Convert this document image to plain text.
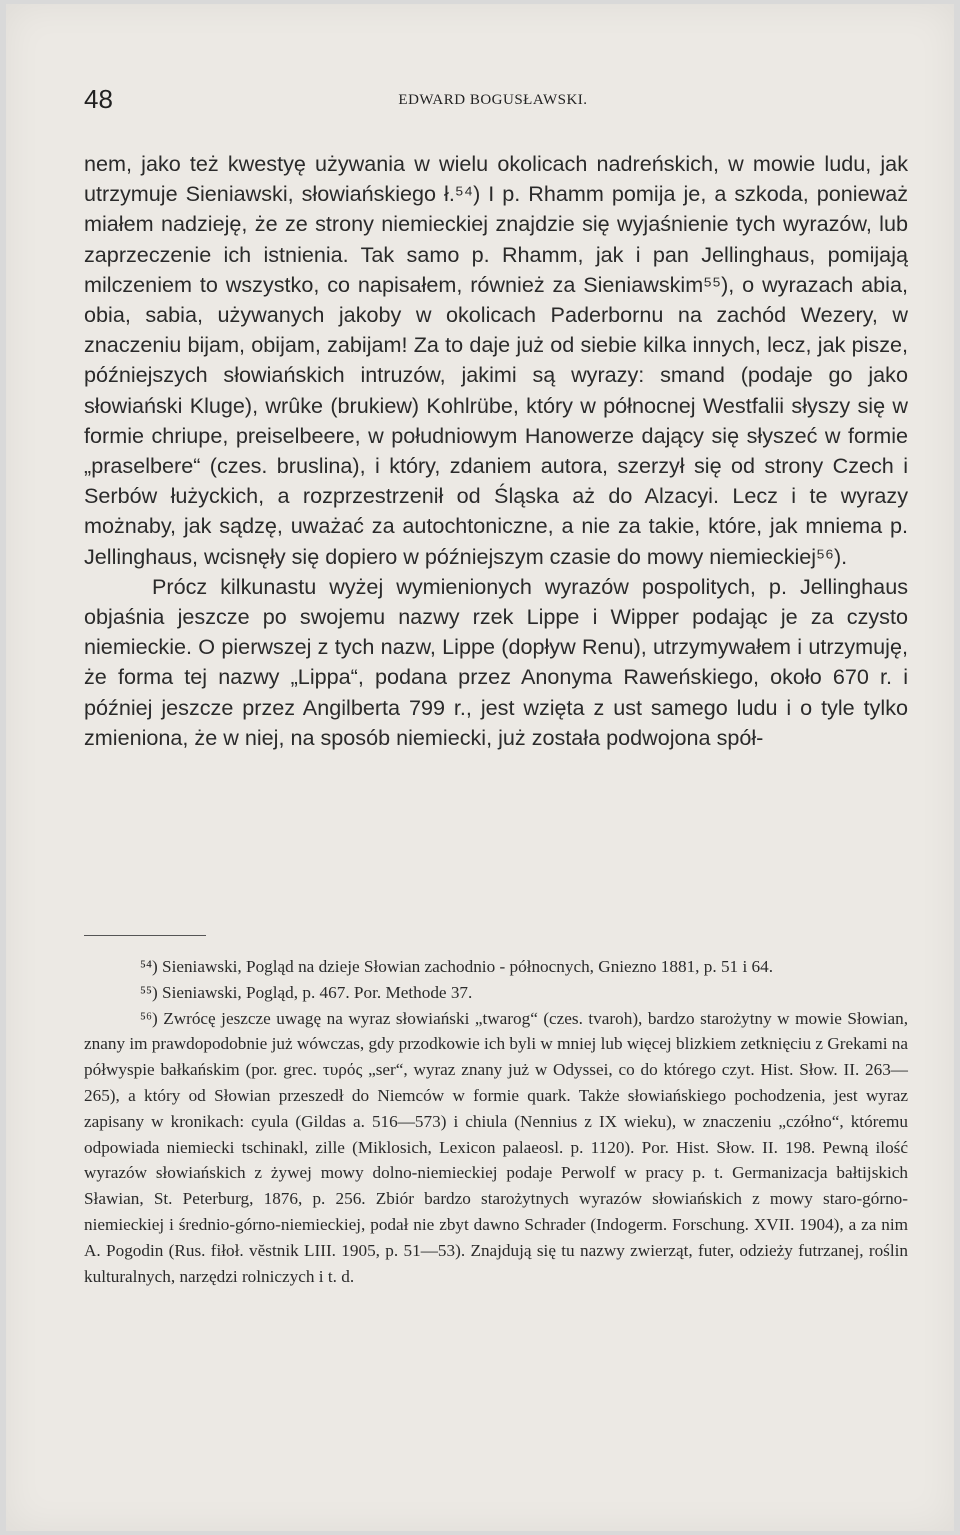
48	EDWARD BOGUSŁAWSKI.

nem, jako też kwestyę używania w wielu okolicach nadreńskich, w mowie ludu, jak utrzymuje Sieniawski, słowiańskiego ł.⁵⁴) I p. Rhamm pomija je, a szkoda, ponieważ miałem nadzieję, że ze strony niemieckiej znajdzie się wyjaśnienie tych wyrazów, lub zaprzeczenie ich istnienia. Tak samo p. Rhamm, jak i pan Jellinghaus, pomijają milczeniem to wszystko, co napisałem, również za Sieniawskim⁵⁵), o wyrazach abia, obia, sabia, używanych jakoby w okolicach Paderbornu na zachód Wezery, w znaczeniu bijam, obijam, zabijam! Za to daje już od siebie kilka innych, lecz, jak pisze, późniejszych słowiańskich intruzów, jakimi są wyrazy: smand (podaje go jako słowiański Kluge), wrûke (brukiew) Kohlrübe, który w północnej Westfalii słyszy się w formie chriupe, preiselbeere, w południowym Hanowerze dający się słyszeć w formie „praselbere“ (czes. bruslina), i który, zdaniem autora, szerzył się od strony Czech i Serbów łużyckich, a rozprzestrzenił od Śląska aż do Alzacyi. Lecz i te wyrazy możnaby, jak sądzę, uważać za autochtoniczne, a nie za takie, które, jak mniema p. Jellinghaus, wcisnęły się dopiero w późniejszym czasie do mowy niemieckiej⁵⁶).

Prócz kilkunastu wyżej wymienionych wyrazów pospolitych, p. Jellinghaus objaśnia jeszcze po swojemu nazwy rzek Lippe i Wipper podając je za czysto niemieckie. O pierwszej z tych nazw, Lippe (dopływ Renu), utrzymywałem i utrzymuję, że forma tej nazwy „Lippa“, podana przez Anonyma Raweńskiego, około 670 r. i później jeszcze przez Angilberta 799 r., jest wzięta z ust samego ludu i o tyle tylko zmieniona, że w niej, na sposób niemiecki, już została podwojona spół-

⁵⁴) Sieniawski, Pogląd na dzieje Słowian zachodnio - północnych, Gniezno 1881, p. 51 i 64.

⁵⁵) Sieniawski, Pogląd, p. 467. Por. Methode 37.

⁵⁶) Zwrócę jeszcze uwagę na wyraz słowiański „twarog“ (czes. tvaroh), bardzo starożytny w mowie Słowian, znany im prawdopodobnie już wówczas, gdy przodkowie ich byli w mniej lub więcej blizkiem zetknięciu z Grekami na półwyspie bałkańskim (por. grec. τυρός „ser“, wyraz znany już w Odyssei, co do którego czyt. Hist. Słow. II. 263—265), a który od Słowian przeszedł do Niemców w formie quark. Także słowiańskiego pochodzenia, jest wyraz zapisany w kronikach: cyula (Gildas a. 516—573) i chiula (Nennius z IX wieku), w znaczeniu „czółno“, któremu odpowiada niemiecki tschinakl, zille (Miklosich, Lexicon palaeosl. p. 1120). Por. Hist. Słow. II. 198. Pewną ilość wyrazów słowiańskich z żywej mowy dolno-niemieckiej podaje Perwolf w pracy p. t. Germanizacja bałtijskich Sławian, St. Peterburg, 1876, p. 256. Zbiór bardzo starożytnych wyrazów słowiańskich z mowy staro-górno-niemieckiej i średnio-górno-niemieckiej, podał nie zbyt dawno Schrader (Indogerm. Forschung. XVII. 1904), a za nim A. Pogodin (Rus. fiłoł. vĕstnik LIII. 1905, p. 51—53). Znajdują się tu nazwy zwierząt, futer, odzieży futrzanej, roślin kulturalnych, narzędzi rolniczych i t. d.
